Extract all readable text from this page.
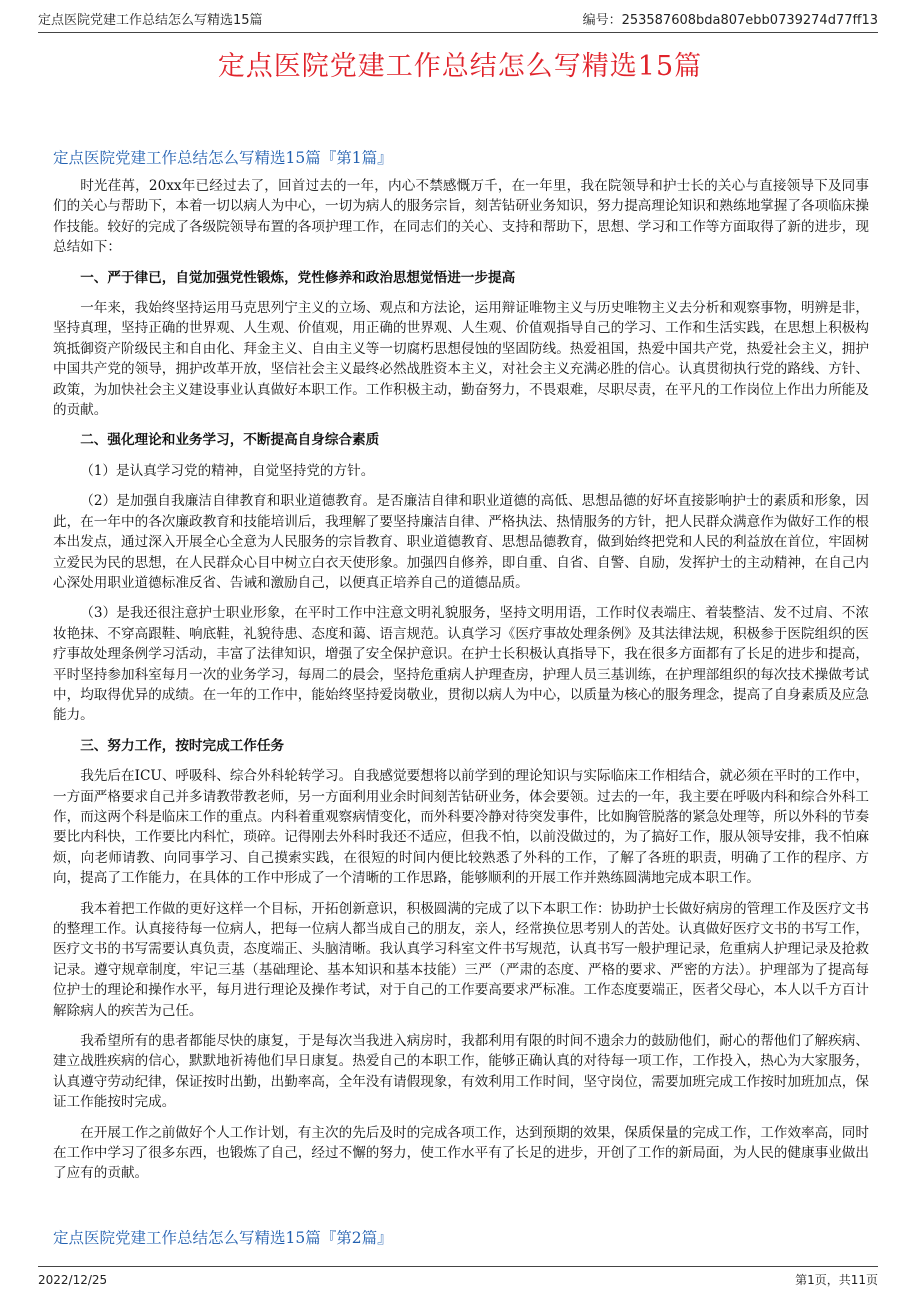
定点医院党建工作总结怎么写精选15篇	编号：253587608bda807ebb0739274d77ff13
定点医院党建工作总结怎么写精选15篇
定点医院党建工作总结怎么写精选15篇『第1篇』

时光荏苒，20xx年已经过去了，回首过去的一年，内心不禁感慨万千，在一年里，我在院领导和护士长的关心与直接领导下及同事们的关心与帮助下，本着一切以病人为中心，一切为病人的服务宗旨，刻苦钻研业务知识，努力提高理论知识和熟练地掌握了各项临床操作技能。较好的完成了各级院领导布置的各项护理工作，在同志们的关心、支持和帮助下，思想、学习和工作等方面取得了新的进步，现总结如下：

一、严于律已，自觉加强党性锻炼，党性修养和政治思想觉悟进一步提高

一年来，我始终坚持运用马克思列宁主义的立场、观点和方法论，运用辩证唯物主义与历史唯物主义去分析和观察事物，明辨是非，坚持真理，坚持正确的世界观、人生观、价值观，用正确的世界观、人生观、价值观指导自己的学习、工作和生活实践，在思想上积极构筑抵御资产阶级民主和自由化、拜金主义、自由主义等一切腐朽思想侵蚀的坚固防线。热爱祖国，热爱中国共产党，热爱社会主义，拥护中国共产党的领导，拥护改革开放，坚信社会主义最终必然战胜资本主义，对社会主义充满必胜的信心。认真贯彻执行党的路线、方针、政策，为加快社会主义建设事业认真做好本职工作。工作积极主动，勤奋努力，不畏艰难，尽职尽责，在平凡的工作岗位上作出力所能及的贡献。

二、强化理论和业务学习，不断提高自身综合素质

（1）是认真学习党的精神，自觉坚持党的方针。

（2）是加强自我廉洁自律教育和职业道德教育。是否廉洁自律和职业道德的高低、思想品德的好坏直接影响护士的素质和形象，因此，在一年中的各次廉政教育和技能培训后，我理解了要坚持廉洁自律、严格执法、热情服务的方针，把人民群众满意作为做好工作的根本出发点，通过深入开展全心全意为人民服务的宗旨教育、职业道德教育、思想品德教育，做到始终把党和人民的利益放在首位，牢固树立爱民为民的思想，在人民群众心目中树立白衣天使形象。加强四自修养，即自重、自省、自警、自励，发挥护士的主动精神，在自己内心深处用职业道德标准反省、告诫和激励自己，以便真正培养自己的道德品质。

（3）是我还很注意护士职业形象，在平时工作中注意文明礼貌服务，坚持文明用语，工作时仪表端庄、着装整洁、发不过肩、不浓妆艳抹、不穿高跟鞋、响底鞋，礼貌待患、态度和蔼、语言规范。认真学习《医疗事故处理条例》及其法律法规，积极参于医院组织的医疗事故处理条例学习活动，丰富了法律知识，增强了安全保护意识。在护士长积极认真指导下，我在很多方面都有了长足的进步和提高，平时坚持参加科室每月一次的业务学习，每周二的晨会，坚持危重病人护理查房，护理人员三基训练，在护理部组织的每次技术操做考试中，均取得优异的成绩。在一年的工作中，能始终坚持爱岗敬业，贯彻以病人为中心，以质量为核心的服务理念，提高了自身素质及应急能力。

三、努力工作，按时完成工作任务

我先后在ICU、呼吸科、综合外科轮转学习。自我感觉要想将以前学到的理论知识与实际临床工作相结合，就必须在平时的工作中，一方面严格要求自己并多请教带教老师，另一方面利用业余时间刻苦钻研业务，体会要领。过去的一年，我主要在呼吸内科和综合外科工作，而这两个科是临床工作的重点。内科着重观察病情变化，而外科要冷静对待突发事件，比如胸管脱落的紧急处理等，所以外科的节奏要比内科快，工作要比内科忙，琐碎。记得刚去外科时我还不适应，但我不怕，以前没做过的，为了搞好工作，服从领导安排，我不怕麻烦，向老师请教、向同事学习、自己摸索实践，在很短的时间内便比较熟悉了外科的工作，了解了各班的职责，明确了工作的程序、方向，提高了工作能力，在具体的工作中形成了一个清晰的工作思路，能够顺利的开展工作并熟练圆满地完成本职工作。

我本着把工作做的更好这样一个目标，开拓创新意识，积极圆满的完成了以下本职工作：协助护士长做好病房的管理工作及医疗文书的整理工作。认真接待每一位病人，把每一位病人都当成自己的朋友，亲人，经常换位思考别人的苦处。认真做好医疗文书的书写工作，医疗文书的书写需要认真负责，态度端正、头脑清晰。我认真学习科室文件书写规范，认真书写一般护理记录，危重病人护理记录及抢救记录。遵守规章制度，牢记三基（基础理论、基本知识和基本技能）三严（严肃的态度、严格的要求、严密的方法）。护理部为了提高每位护士的理论和操作水平，每月进行理论及操作考试，对于自己的工作要高要求严标准。工作态度要端正，医者父母心，本人以千方百计解除病人的疾苦为己任。

我希望所有的患者都能尽快的康复，于是每次当我进入病房时，我都利用有限的时间不遗余力的鼓励他们，耐心的帮他们了解疾病、建立战胜疾病的信心，默默地祈祷他们早日康复。热爱自己的本职工作，能够正确认真的对待每一项工作，工作投入，热心为大家服务，认真遵守劳动纪律，保证按时出勤，出勤率高，全年没有请假现象，有效利用工作时间，坚守岗位，需要加班完成工作按时加班加点，保证工作能按时完成。

在开展工作之前做好个人工作计划，有主次的先后及时的完成各项工作，达到预期的效果，保质保量的完成工作，工作效率高，同时在工作中学习了很多东西，也锻炼了自己，经过不懈的努力，使工作水平有了长足的进步，开创了工作的新局面，为人民的健康事业做出了应有的贡献。

定点医院党建工作总结怎么写精选15篇『第2篇』
2022/12/25	第1页，共11页
